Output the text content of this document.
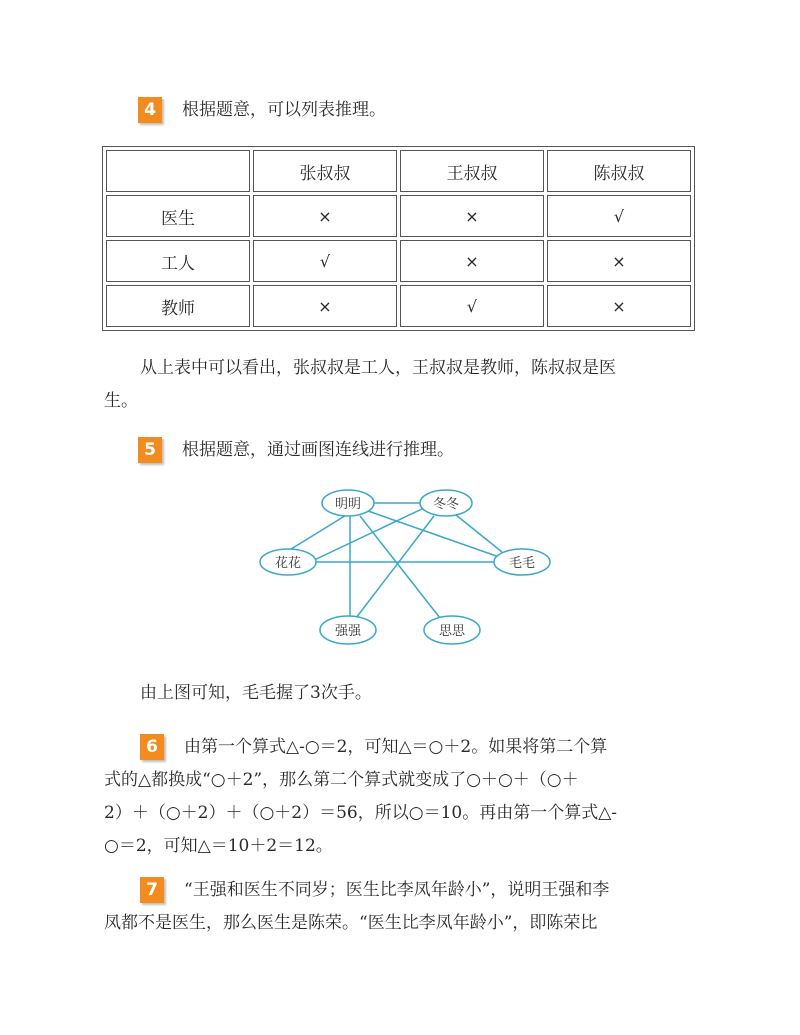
4	根据题意，可以列表推理。
	张叔叔	王叔叔	陈叔叔
医生	×	×	√
工人	√	×	×
教师	×	√	×
从上表中可以看出，张叔叔是工人，王叔叔是教师，陈叔叔是医
生。
5	根据题意，通过画图连线进行推理。
明明	冬冬
花花	毛毛
强强	思思
由上图可知，毛毛握了3次手。
6	由第一个算式△-○＝2，可知△＝○＋2。如果将第二个算
式的△都换成“○＋2”，那么第二个算式就变成了○＋○＋（○＋
2）＋（○＋2）＋（○＋2）＝56，所以○＝10。再由第一个算式△-
○＝2，可知△＝10＋2＝12。
7	“王强和医生不同岁；医生比李凤年龄小”，说明王强和李
凤都不是医生，那么医生是陈荣。“医生比李凤年龄小”，即陈荣比
